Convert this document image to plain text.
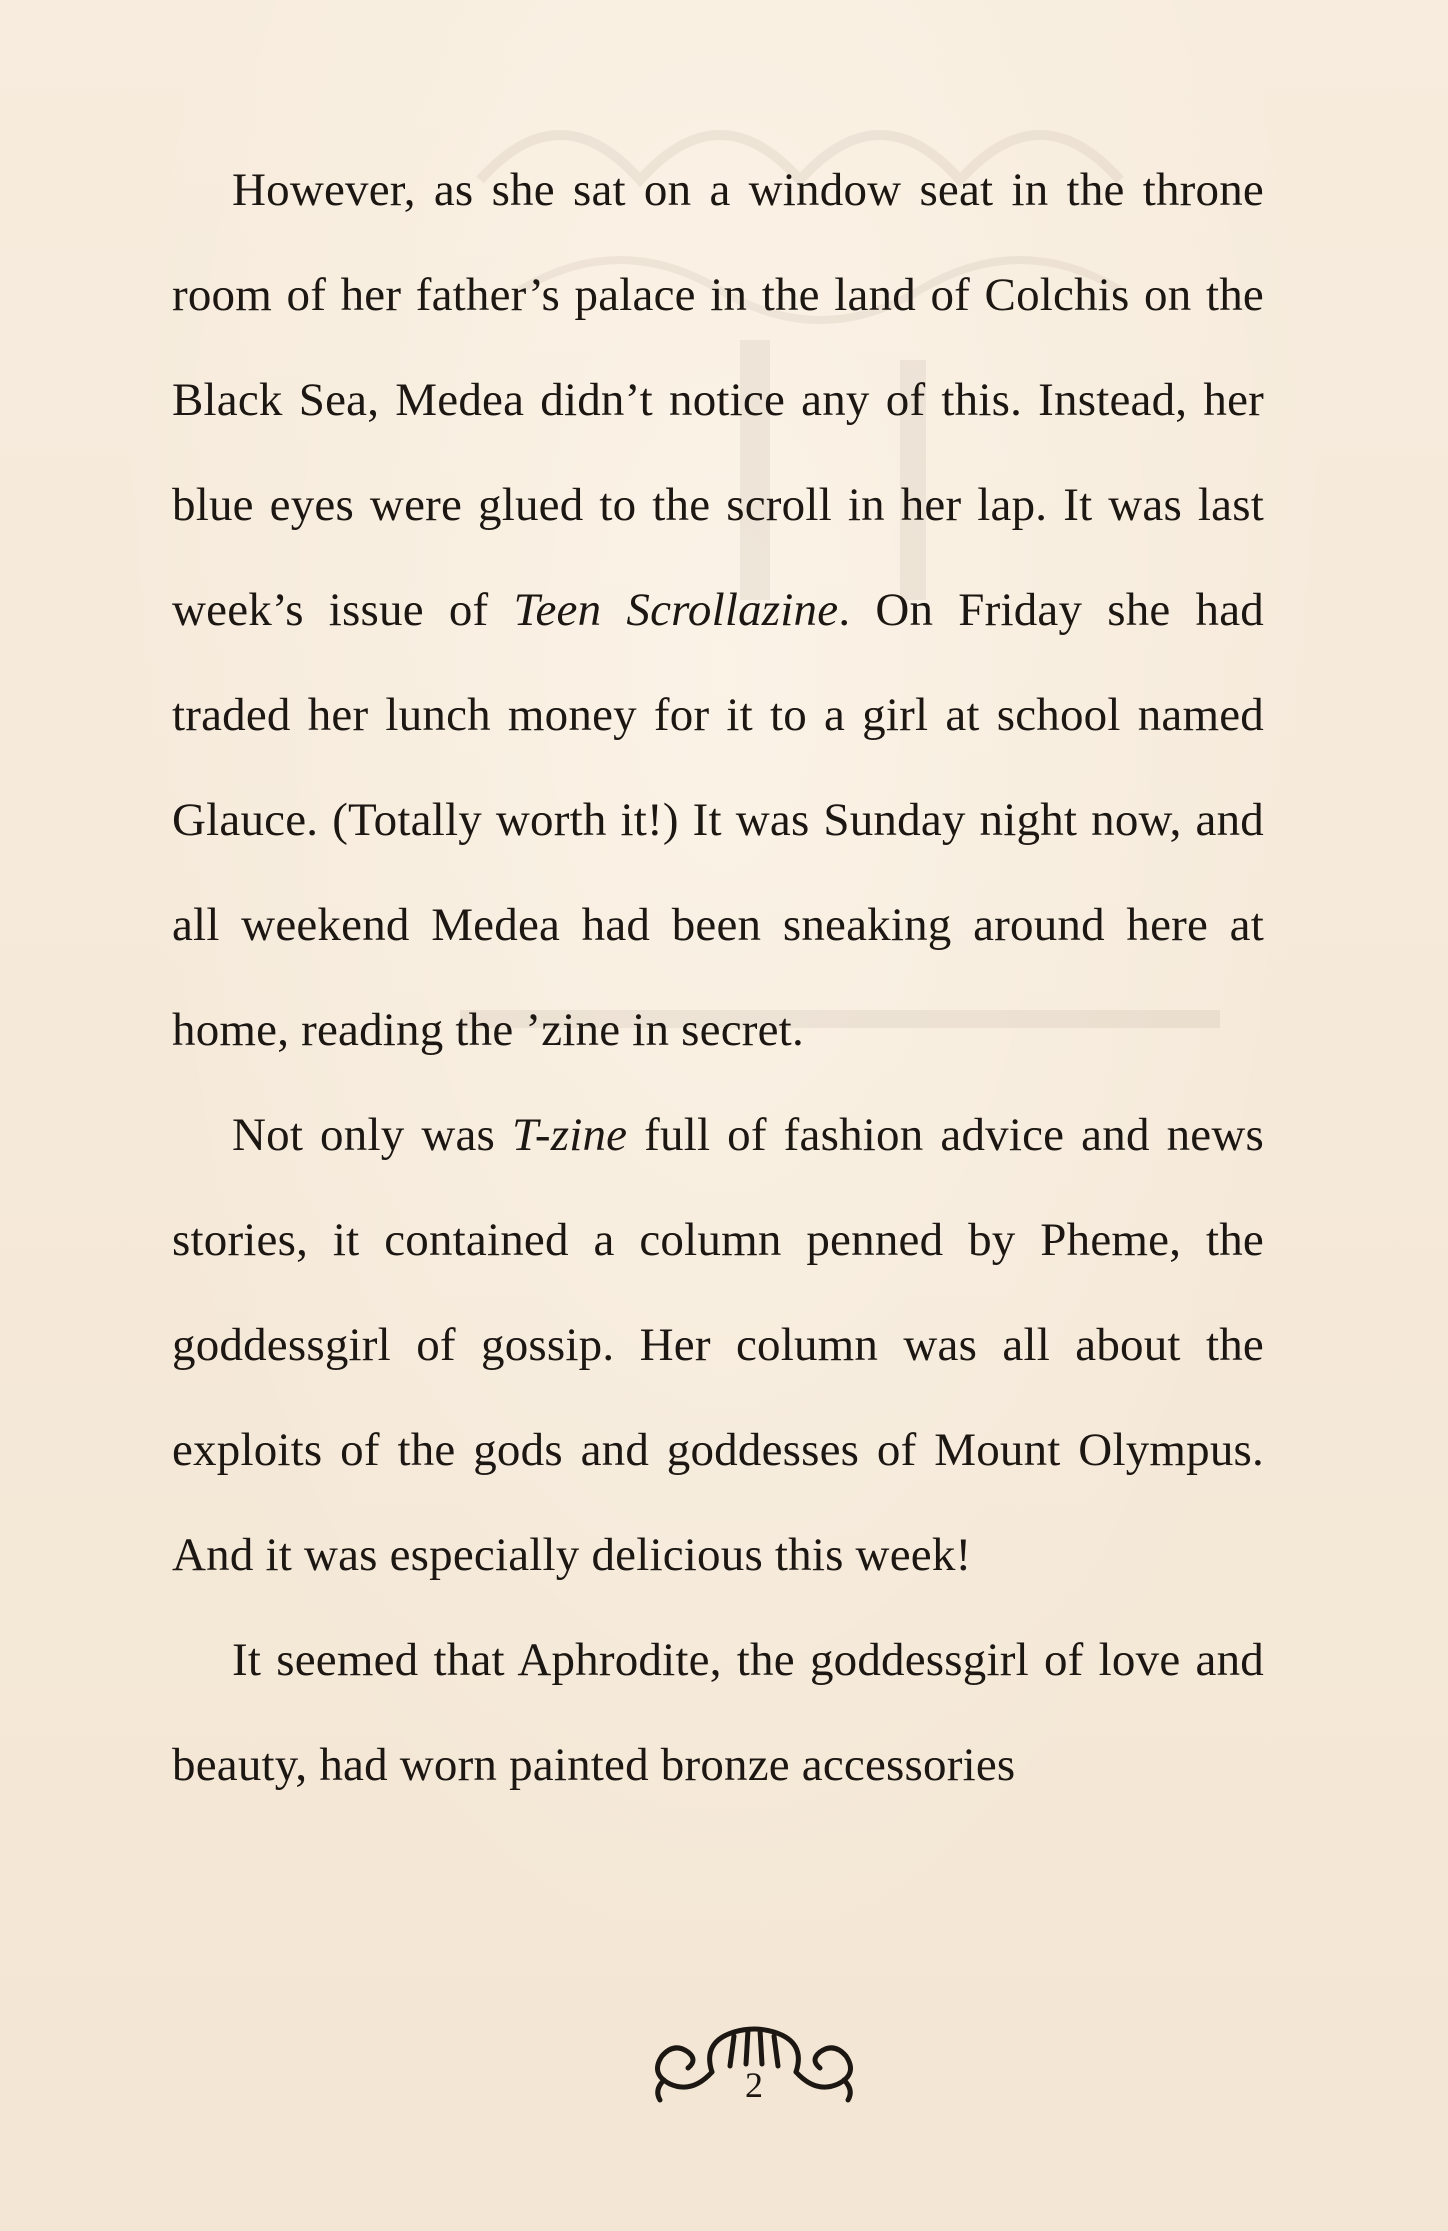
However, as she sat on a window seat in the throne room of her father’s palace in the land of Colchis on the Black Sea, Medea didn’t notice any of this. Instead, her blue eyes were glued to the scroll in her lap. It was last week’s issue of Teen Scrollazine. On Friday she had traded her lunch money for it to a girl at school named Glauce. (Totally worth it!) It was Sunday night now, and all weekend Medea had been sneaking around here at home, reading the ’zine in secret.

Not only was T-zine full of fashion advice and news stories, it contained a column penned by Pheme, the goddessgirl of gossip. Her column was all about the exploits of the gods and goddesses of Mount Olympus. And it was especially delicious this week!

It seemed that Aphrodite, the goddessgirl of love and beauty, had worn painted bronze accessories

2
